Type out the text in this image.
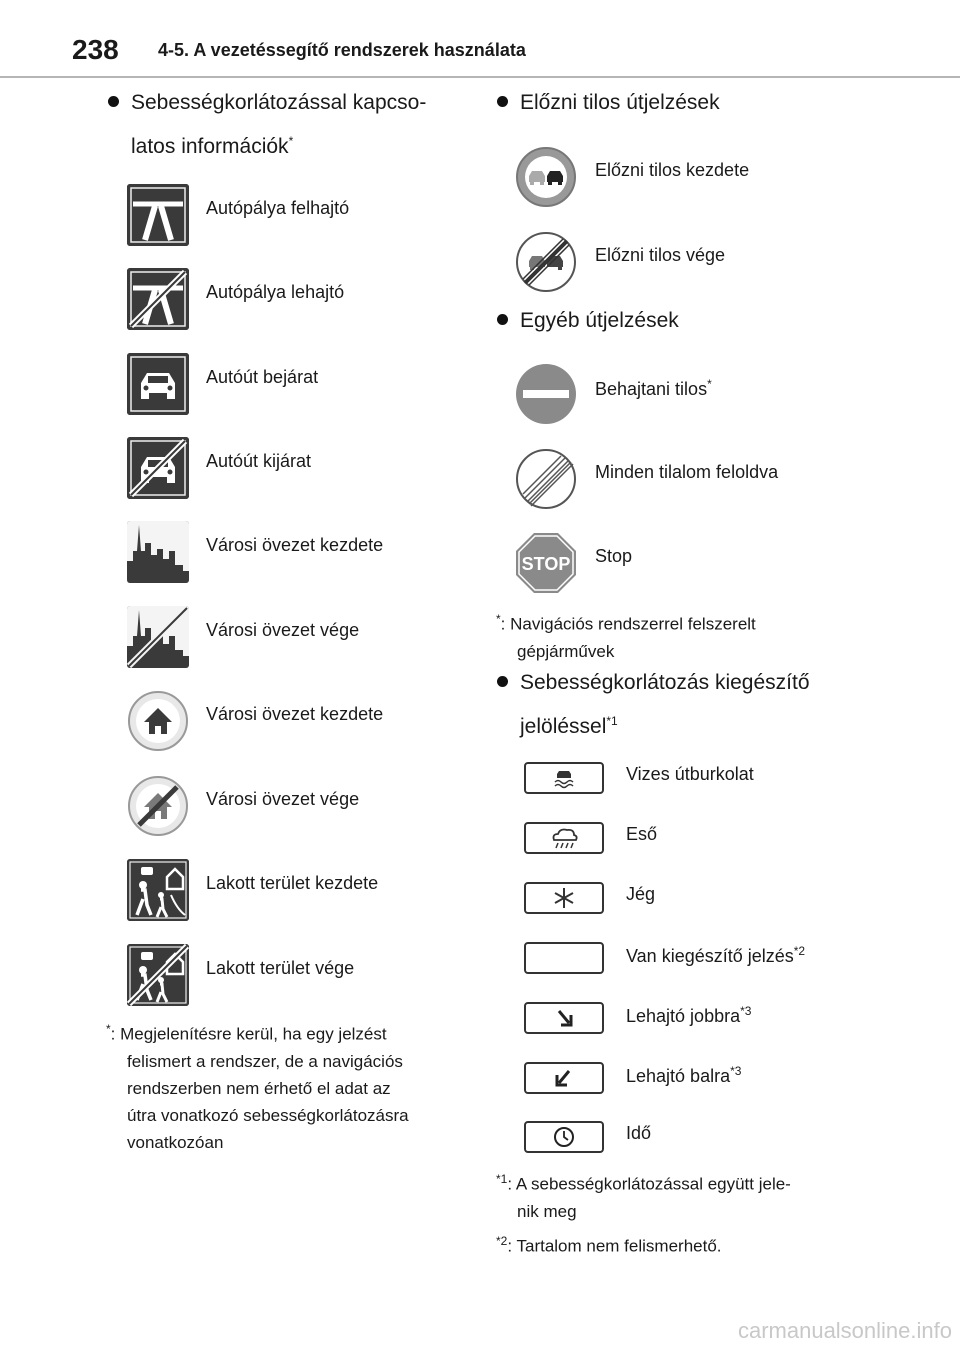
238 4-5. A vezetéssegítő rendszerek használata
Sebességkorlátozással kapcso-
latos információk*
Autópálya felhajtó
Autópálya lehajtó
Autóút bejárat
Autóút kijárat
Városi övezet kezdete
Városi övezet vége
Városi övezet kezdete
Városi övezet vége
Lakott terület kezdete
Lakott terület vége
*: Megjelenítésre kerül, ha egy jelzést
felismert a rendszer, de a navigációs
rendszerben nem érhető el adat az
útra vonatkozó sebességkorlátozásra
vonatkozóan
Előzni tilos útjelzések
Előzni tilos kezdete
Előzni tilos vége
Egyéb útjelzések
Behajtani tilos*
Minden tilalom feloldva
STOP Stop
*: Navigációs rendszerrel felszerelt
gépjárművek
Sebességkorlátozás kiegészítő
jelöléssel$^{*1}$
Vizes útburkolat
Eső
Jég
Van kiegészítő jelzés$^{*2}$
Lehajtó jobbra$^{*3}$
Lehajtó balra$^{*3}$
Idő
$^{*1}$: A sebességkorlátozással együtt jele-
nik meg
$^{*2}$: Tartalom nem felismerhető.
carmanualsonline.info
